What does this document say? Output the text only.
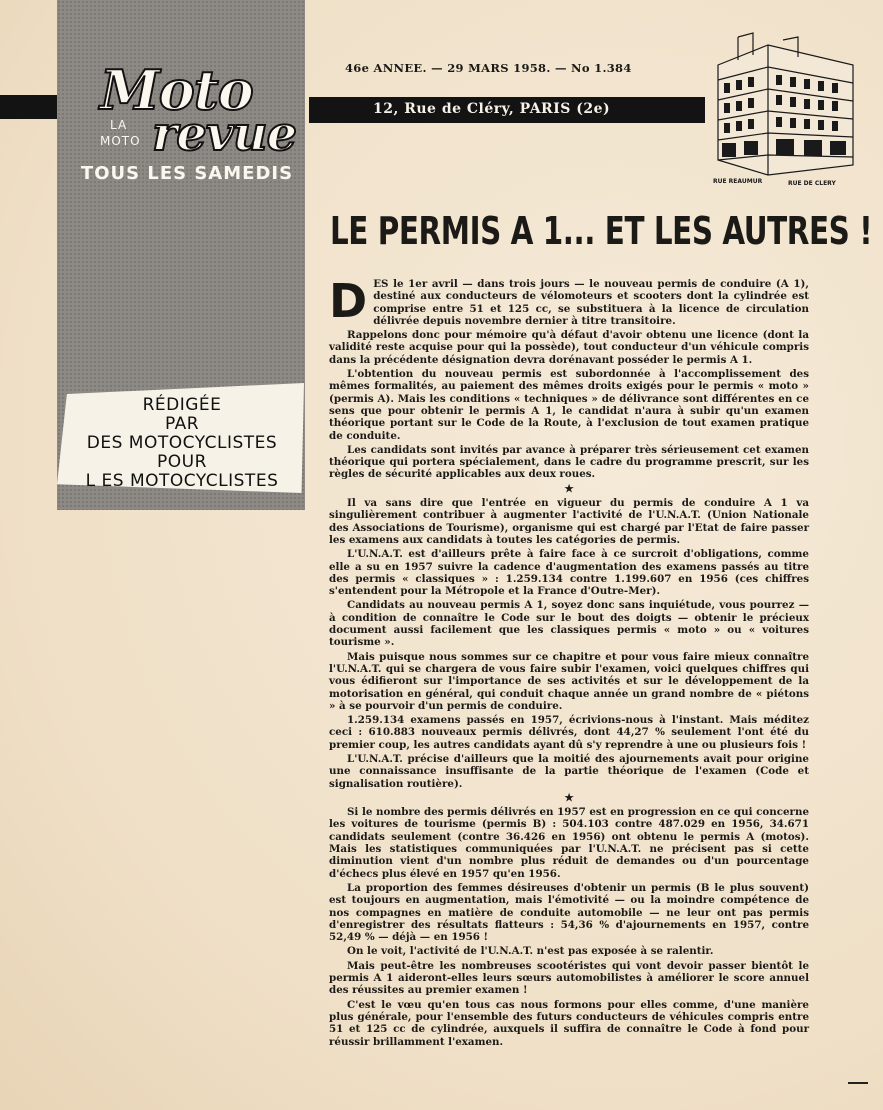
Moto
LA
MOTO revue
TOUS LES SAMEDIS
RÉDIGÉE
PAR
DES MOTOCYCLISTES
POUR
L ES MOTOCYCLISTES
46e ANNEE. — 29 MARS 1958. — No 1.384
12, Rue de Cléry, PARIS (2e)
RUE REAUMUR	RUE DE CLERY
LE PERMIS A 1... ET LES AUTRES !

DES le 1er avril — dans trois jours — le nouveau permis de conduire (A 1), destiné aux conducteurs de vélomoteurs et scooters dont la cylindrée est comprise entre 51 et 125 cc, se substituera à la licence de circulation délivrée depuis novembre dernier à titre transitoire.

Rappelons donc pour mémoire qu'à défaut d'avoir obtenu une licence (dont la validité reste acquise pour qui la possède), tout conducteur d'un véhicule compris dans la précédente désignation devra dorénavant posséder le permis A 1.

L'obtention du nouveau permis est subordonnée à l'accomplissement des mêmes formalités, au paiement des mêmes droits exigés pour le permis « moto » (permis A). Mais les conditions « techniques » de délivrance sont différentes en ce sens que pour obtenir le permis A 1, le candidat n'aura à subir qu'un examen théorique portant sur le Code de la Route, à l'exclusion de tout examen pratique de conduite.

Les candidats sont invités par avance à préparer très sérieusement cet examen théorique qui portera spécialement, dans le cadre du programme prescrit, sur les règles de sécurité applicables aux deux roues.

★

Il va sans dire que l'entrée en vigueur du permis de conduire A 1 va singulièrement contribuer à augmenter l'activité de l'U.N.A.T. (Union Nationale des Associations de Tourisme), organisme qui est chargé par l'Etat de faire passer les examens aux candidats à toutes les catégories de permis.

L'U.N.A.T. est d'ailleurs prête à faire face à ce surcroit d'obligations, comme elle a su en 1957 suivre la cadence d'augmentation des examens passés au titre des permis « classiques » : 1.259.134 contre 1.199.607 en 1956 (ces chiffres s'entendent pour la Métropole et la France d'Outre-Mer).

Candidats au nouveau permis A 1, soyez donc sans inquiétude, vous pourrez — à condition de connaître le Code sur le bout des doigts — obtenir le précieux document aussi facilement que les classiques permis « moto » ou « voitures tourisme ».

Mais puisque nous sommes sur ce chapitre et pour vous faire mieux connaître l'U.N.A.T. qui se chargera de vous faire subir l'examen, voici quelques chiffres qui vous édifieront sur l'importance de ses activités et sur le développement de la motorisation en général, qui conduit chaque année un grand nombre de « piétons » à se pourvoir d'un permis de conduire.

1.259.134 examens passés en 1957, écrivions-nous à l'instant. Mais méditez ceci : 610.883 nouveaux permis délivrés, dont 44,27 % seulement l'ont été du premier coup, les autres candidats ayant dû s'y reprendre à une ou plusieurs fois !

L'U.N.A.T. précise d'ailleurs que la moitié des ajournements avait pour origine une connaissance insuffisante de la partie théorique de l'examen (Code et signalisation routière).

★

Si le nombre des permis délivrés en 1957 est en progression en ce qui concerne les voitures de tourisme (permis B) : 504.103 contre 487.029 en 1956, 34.671 candidats seulement (contre 36.426 en 1956) ont obtenu le permis A (motos). Mais les statistiques communiquées par l'U.N.A.T. ne précisent pas si cette diminution vient d'un nombre plus réduit de demandes ou d'un pourcentage d'échecs plus élevé en 1957 qu'en 1956.

La proportion des femmes désireuses d'obtenir un permis (B le plus souvent) est toujours en augmentation, mais l'émotivité — ou la moindre compétence de nos compagnes en matière de conduite automobile — ne leur ont pas permis d'enregistrer des résultats flatteurs : 54,36 % d'ajournements en 1957, contre 52,49 % — déjà — en 1956 !

On le voit, l'activité de l'U.N.A.T. n'est pas exposée à se ralentir.

Mais peut-être les nombreuses scootéristes qui vont devoir passer bientôt le permis A 1 aideront-elles leurs sœurs automobilistes à améliorer le score annuel des réussites au premier examen !

C'est le vœu qu'en tous cas nous formons pour elles comme, d'une manière plus générale, pour l'ensemble des futurs conducteurs de véhicules compris entre 51 et 125 cc de cylindrée, auxquels il suffira de connaître le Code à fond pour réussir brillamment l'examen.
